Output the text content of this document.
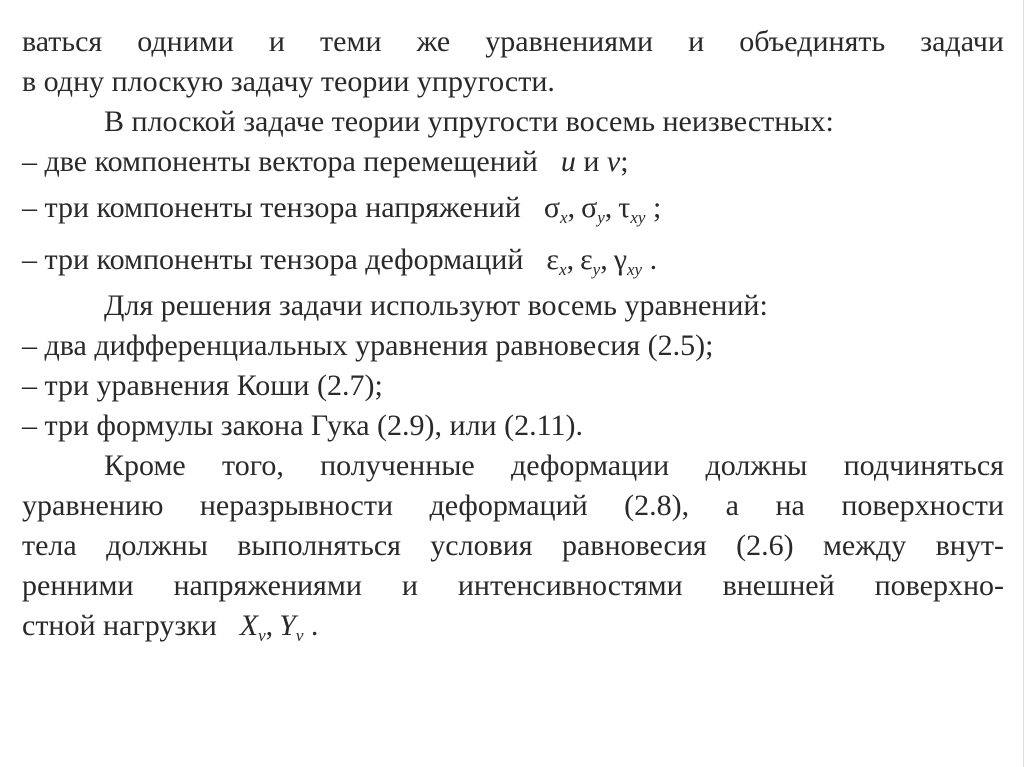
ваться одними и теми же уравнениями и объединять задачи
в одну плоскую задачу теории упругости.
В плоской задаче теории упругости восемь неизвестных:
– две компоненты вектора перемещений u и v;
– три компоненты тензора напряжений $\sigma_x$, $\sigma_y$, $\tau_{xy}$ ;
– три компоненты тензора деформаций $\varepsilon_x$, $\varepsilon_y$, $\gamma_{xy}$ .
Для решения задачи используют восемь уравнений:
– два дифференциальных уравнения равновесия (2.5);
– три уравнения Коши (2.7);
– три формулы закона Гука (2.9), или (2.11).
Кроме того, полученные деформации должны подчиняться
уравнению неразрывности деформаций (2.8), а на поверхности
тела должны выполняться условия равновесия (2.6) между внут-
ренними напряжениями и интенсивностями внешней поверхно-
стной нагрузки $X_\nu$, $Y_\nu$ .
